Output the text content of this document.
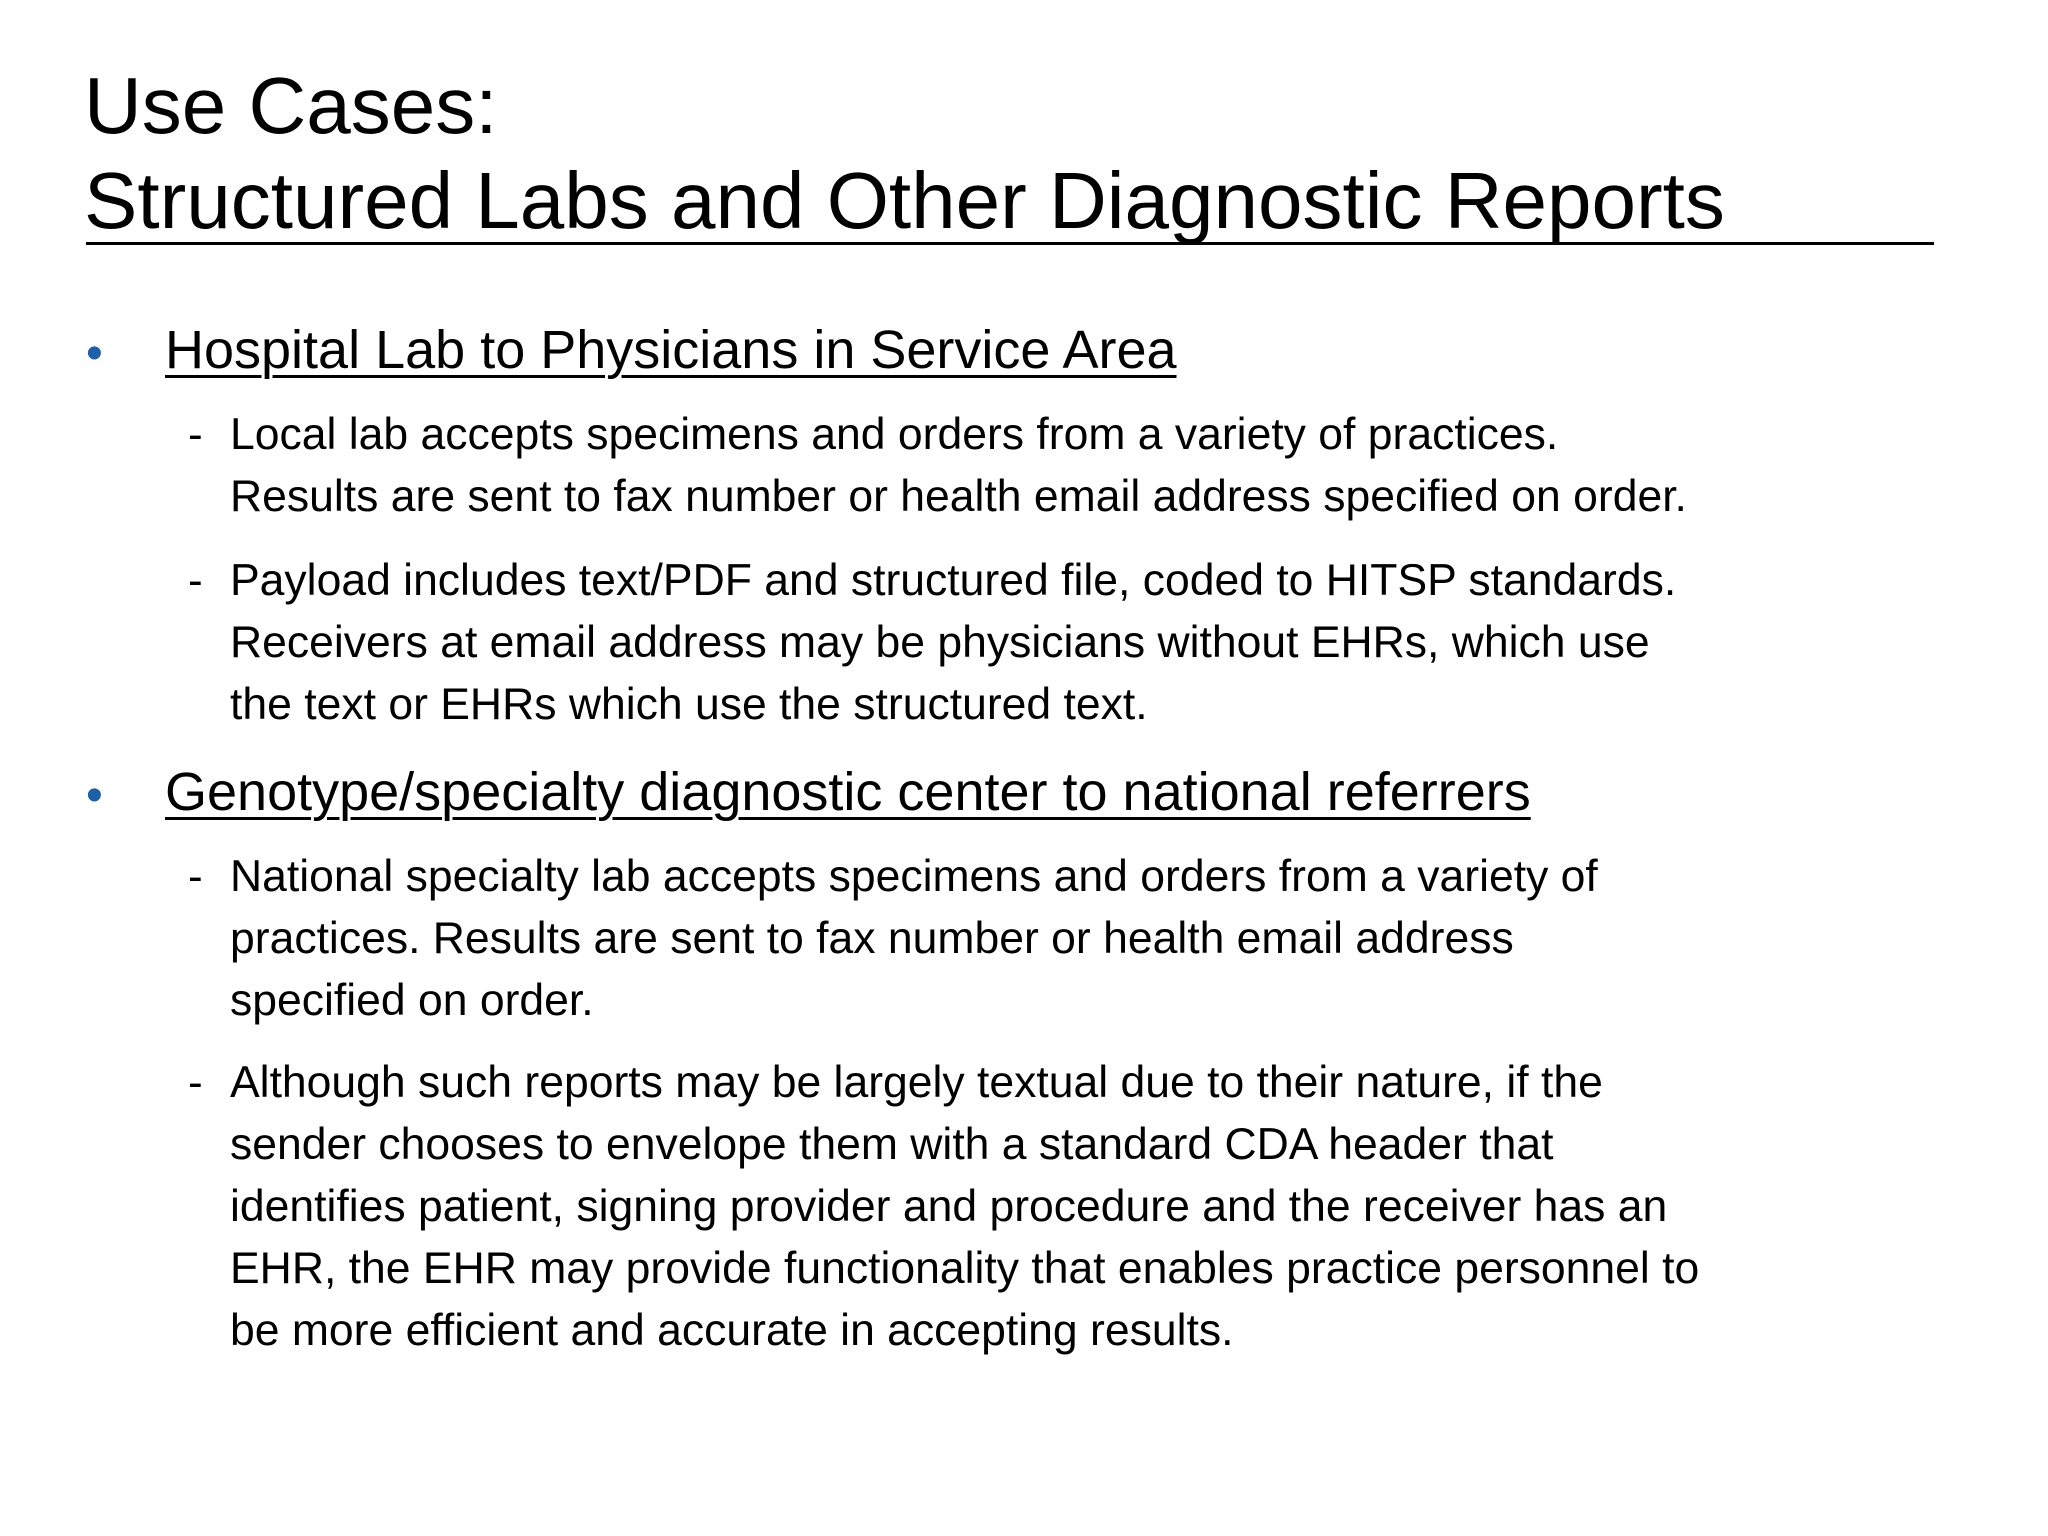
Use Cases:
Structured Labs and Other Diagnostic Reports
• Hospital Lab to Physicians in Service Area
- Local lab accepts specimens and orders from a variety of practices.
Results are sent to fax number or health email address specified on order.
- Payload includes text/PDF and structured file, coded to HITSP standards.
Receivers at email address may be physicians without EHRs, which use
the text or EHRs which use the structured text.
• Genotype/specialty diagnostic center to national referrers
- National specialty lab accepts specimens and orders from a variety of
practices. Results are sent to fax number or health email address
specified on order.
- Although such reports may be largely textual due to their nature, if the
sender chooses to envelope them with a standard CDA header that
identifies patient, signing provider and procedure and the receiver has an
EHR, the EHR may provide functionality that enables practice personnel to
be more efficient and accurate in accepting results.
